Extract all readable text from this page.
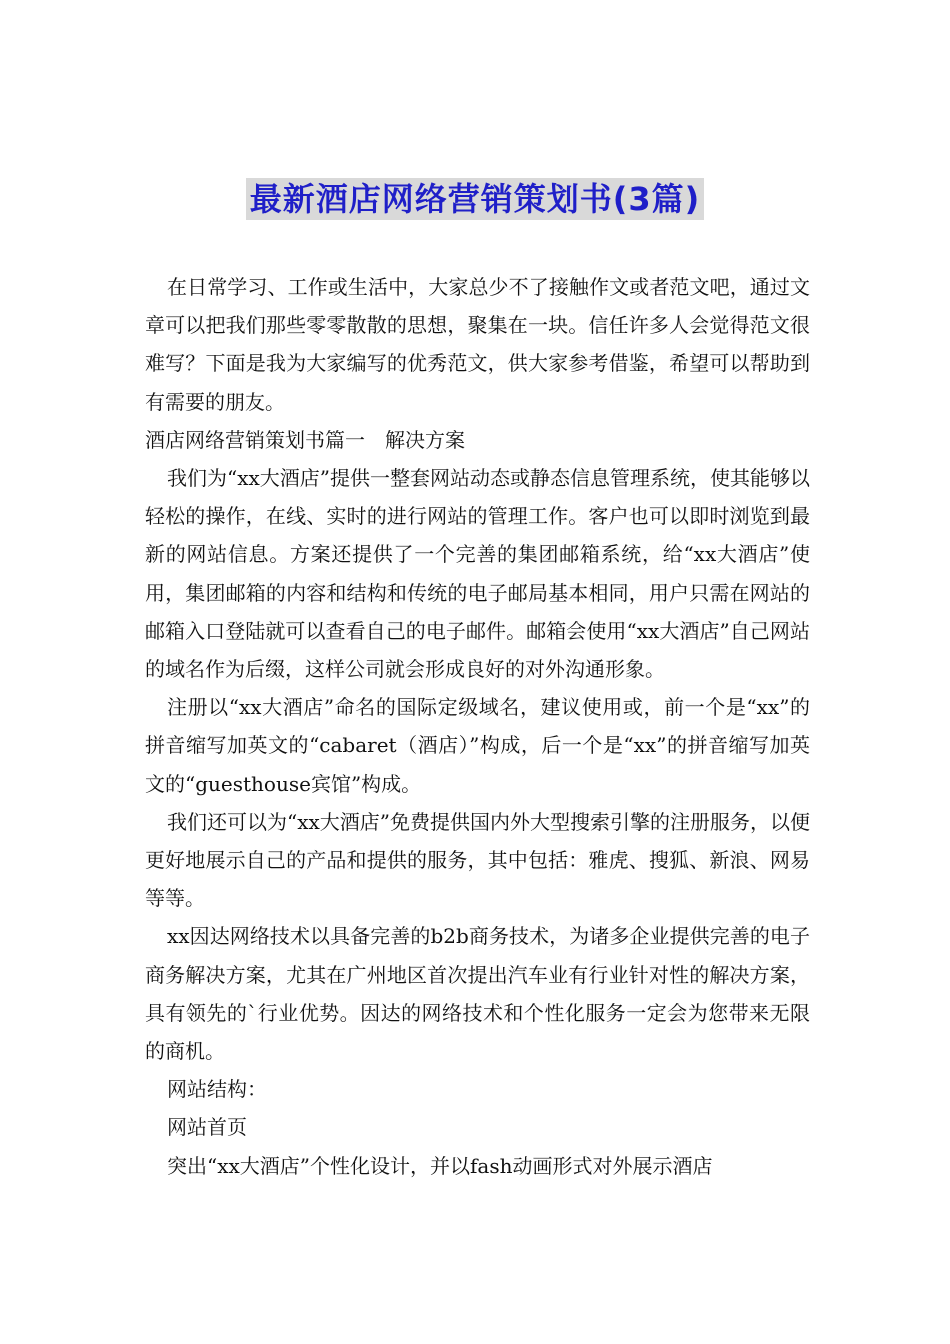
最新酒店网络营销策划书(3篇)

在日常学习、工作或生活中，大家总少不了接触作文或者范文吧，通过文章可以把我们那些零零散散的思想，聚集在一块。信任许多人会觉得范文很难写？下面是我为大家编写的优秀范文，供大家参考借鉴，希望可以帮助到有需要的朋友。

酒店网络营销策划书篇一　解决方案

我们为“xx大酒店”提供一整套网站动态或静态信息管理系统，使其能够以轻松的操作，在线、实时的进行网站的管理工作。客户也可以即时浏览到最新的网站信息。方案还提供了一个完善的集团邮箱系统，给“xx大酒店”使用，集团邮箱的内容和结构和传统的电子邮局基本相同，用户只需在网站的邮箱入口登陆就可以查看自己的电子邮件。邮箱会使用“xx大酒店”自己网站的域名作为后缀，这样公司就会形成良好的对外沟通形象。

注册以“xx大酒店”命名的国际定级域名，建议使用或，前一个是“xx”的拼音缩写加英文的“cabaret（酒店）”构成，后一个是“xx”的拼音缩写加英文的“guesthouse宾馆”构成。

我们还可以为“xx大酒店”免费提供国内外大型搜索引擎的注册服务，以便更好地展示自己的产品和提供的服务，其中包括：雅虎、搜狐、新浪、网易等等。

xx因达网络技术以具备完善的b2b商务技术，为诸多企业提供完善的电子商务解决方案，尤其在广州地区首次提出汽车业有行业针对性的解决方案，具有领先的`行业优势。因达的网络技术和个性化服务一定会为您带来无限的商机。

网站结构：

网站首页

突出“xx大酒店”个性化设计，并以fash动画形式对外展示酒店
